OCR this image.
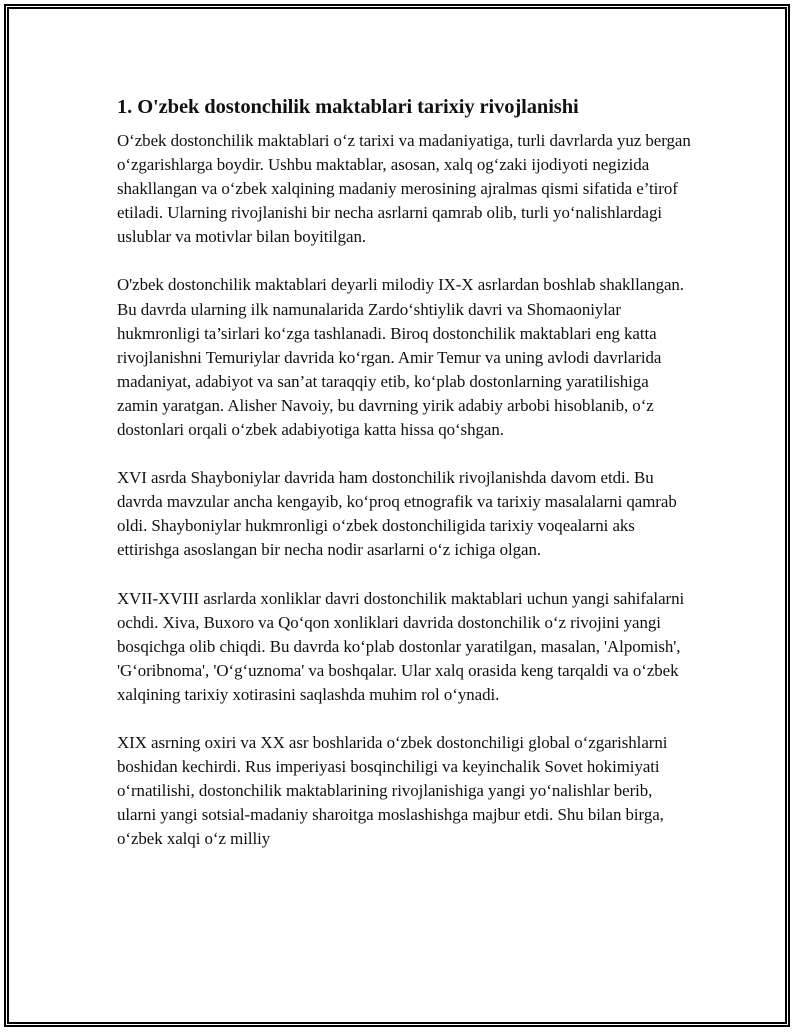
1. O'zbek dostonchilik maktablari tarixiy rivojlanishi

O‘zbek dostonchilik maktablari o‘z tarixi va madaniyatiga, turli davrlarda yuz bergan o‘zgarishlarga boydir. Ushbu maktablar, asosan, xalq og‘zaki ijodiyoti negizida shakllangan va o‘zbek xalqining madaniy merosining ajralmas qismi sifatida e’tirof etiladi. Ularning rivojlanishi bir necha asrlarni qamrab olib, turli yo‘nalishlardagi uslublar va motivlar bilan boyitilgan.

O'zbek dostonchilik maktablari deyarli milodiy IX-X asrlardan boshlab shakllangan. Bu davrda ularning ilk namunalarida Zardo‘shtiylik davri va Shomaoniylar hukmronligi ta’sirlari ko‘zga tashlanadi. Biroq dostonchilik maktablari eng katta rivojlanishni Temuriylar davrida ko‘rgan. Amir Temur va uning avlodi davrlarida madaniyat, adabiyot va san’at taraqqiy etib, ko‘plab dostonlarning yaratilishiga zamin yaratgan. Alisher Navoiy, bu davrning yirik adabiy arbobi hisoblanib, o‘z dostonlari orqali o‘zbek adabiyotiga katta hissa qo‘shgan.

XVI asrda Shayboniylar davrida ham dostonchilik rivojlanishda davom etdi. Bu davrda mavzular ancha kengayib, ko‘proq etnografik va tarixiy masalalarni qamrab oldi. Shayboniylar hukmronligi o‘zbek dostonchiligida tarixiy voqealarni aks ettirishga asoslangan bir necha nodir asarlarni o‘z ichiga olgan.

XVII-XVIII asrlarda xonliklar davri dostonchilik maktablari uchun yangi sahifalarni ochdi. Xiva, Buxoro va Qo‘qon xonliklari davrida dostonchilik o‘z rivojini yangi bosqichga olib chiqdi. Bu davrda ko‘plab dostonlar yaratilgan, masalan, 'Alpomish', 'G‘oribnoma', 'O‘g‘uznoma' va boshqalar. Ular xalq orasida keng tarqaldi va o‘zbek xalqining tarixiy xotirasini saqlashda muhim rol o‘ynadi.

XIX asrning oxiri va XX asr boshlarida o‘zbek dostonchiligi global o‘zgarishlarni boshidan kechirdi. Rus imperiyasi bosqinchiligi va keyinchalik Sovet hokimiyati o‘rnatilishi, dostonchilik maktablarining rivojlanishiga yangi yo‘nalishlar berib, ularni yangi sotsial-madaniy sharoitga moslashishga majbur etdi. Shu bilan birga, o‘zbek xalqi o‘z milliy
